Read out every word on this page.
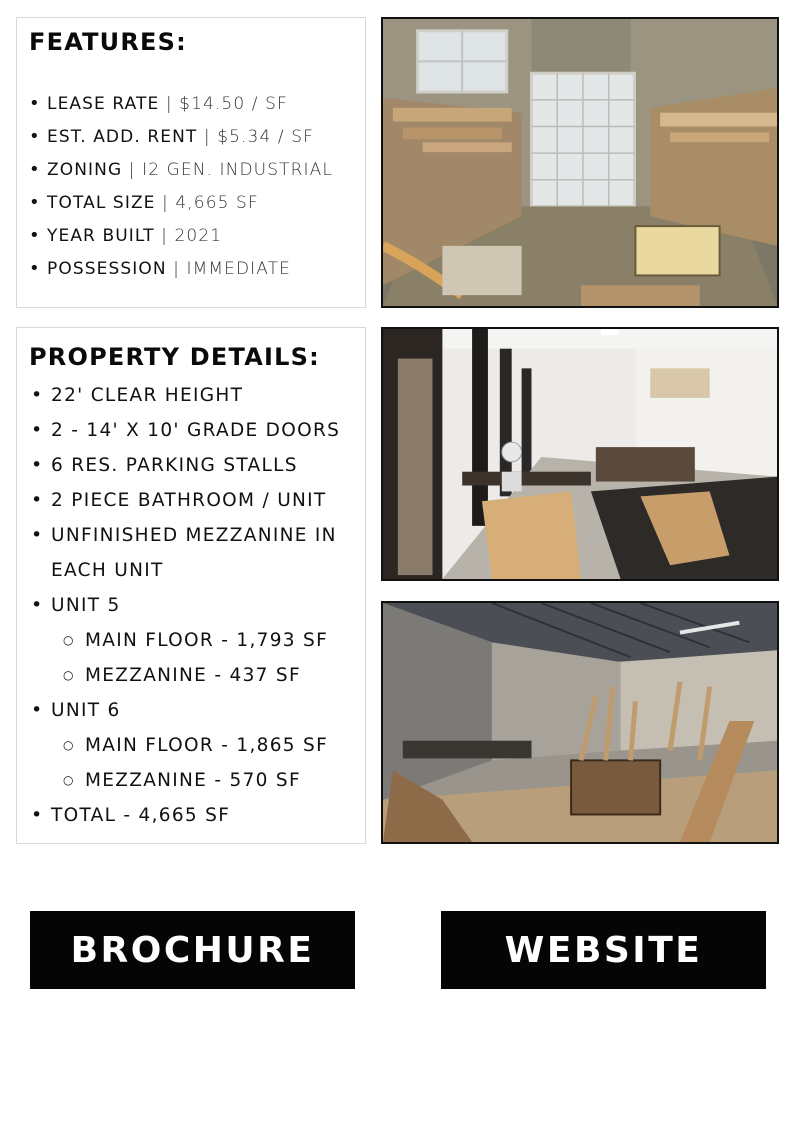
FEATURES:
• LEASE RATE | $14.50 / SF
• EST. ADD. RENT | $5.34 / SF
• ZONING | I2 GEN. INDUSTRIAL
• TOTAL SIZE | 4,665 SF
• YEAR BUILT | 2021
• POSSESSION | IMMEDIATE
PROPERTY DETAILS:
• 22' CLEAR HEIGHT
• 2 - 14' X 10' GRADE DOORS
• 6 RES. PARKING STALLS
• 2 PIECE BATHROOM / UNIT
• UNFINISHED MEZZANINE IN EACH UNIT
• UNIT 5
○ MAIN FLOOR - 1,793 SF
○ MEZZANINE - 437 SF
• UNIT 6
○ MAIN FLOOR - 1,865 SF
○ MEZZANINE - 570 SF
• TOTAL - 4,665 SF
BROCHURE	WEBSITE
